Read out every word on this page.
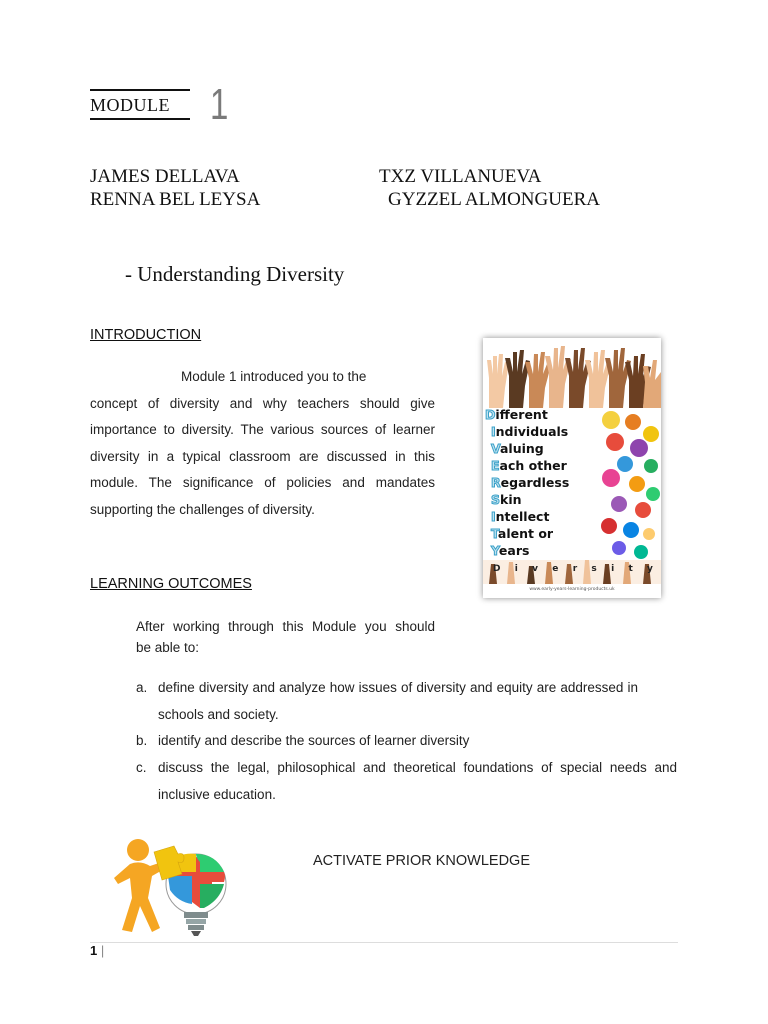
MODULE 1
JAMES DELLAVA
RENNA BEL LEYSA
TXZ VILLANUEVA
GYZZEL ALMONGUERA
- Understanding Diversity
INTRODUCTION
Module 1 introduced you to the
concept of diversity and why teachers should give
importance to diversity. The various sources of learner
diversity in a typical classroom are discussed in this
module. The significance of policies and mandates
supporting the challenges of diversity.
Different
Individuals
Valuing
Each other
Regardless
Skin
Intellect
Talent or
Years
D i v e r s i t y
www.early-years-learning-products.uk
LEARNING OUTCOMES
After working through this Module you should
be able to:
a. define diversity and analyze how issues of diversity and equity are addressed in schools and society.
b. identify and describe the sources of learner diversity
c. discuss the legal, philosophical and theoretical foundations of special needs and inclusive education.
ACTIVATE PRIOR KNOWLEDGE
1 |
